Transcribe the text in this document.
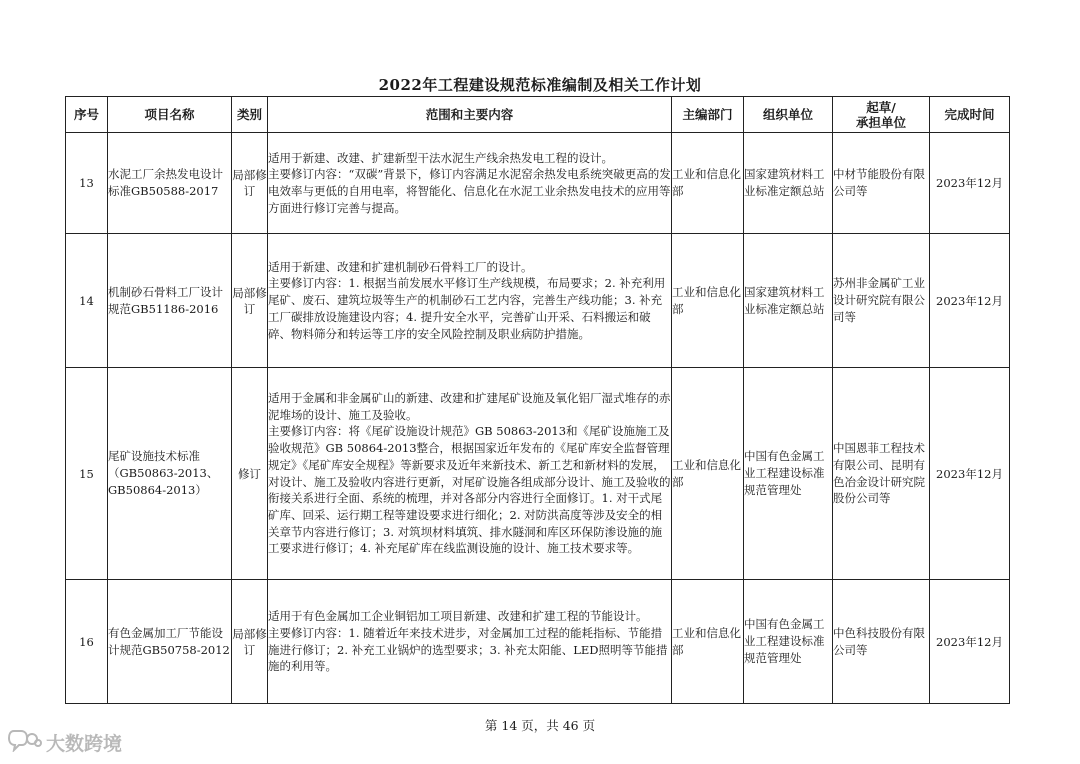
2022年工程建设规范标准编制及相关工作计划
序号	项目名称	类别	范围和主要内容	主编部门	组织单位	起草/
承担单位	完成时间
13	水泥工厂余热发电设计标准GB50588-2017	局部修订	适用于新建、改建、扩建新型干法水泥生产线余热发电工程的设计。
主要修订内容：“双碳”背景下，修订内容满足水泥窑余热发电系统突破更高的发电效率与更低的自用电率，将智能化、信息化在水泥工业余热发电技术的应用等方面进行修订完善与提高。	工业和信息化部	国家建筑材料工业标准定额总站	中材节能股份有限公司等	2023年12月
14	机制砂石骨料工厂设计规范GB51186-2016	局部修订	适用于新建、改建和扩建机制砂石骨料工厂的设计。
主要修订内容：1. 根据当前发展水平修订生产线规模，布局要求；2. 补充利用尾矿、废石、建筑垃圾等生产的机制砂石工艺内容，完善生产线功能；3. 补充工厂碳排放设施建设内容；4. 提升安全水平，完善矿山开采、石料搬运和破碎、物料筛分和转运等工序的安全风险控制及职业病防护措施。	工业和信息化部	国家建筑材料工业标准定额总站	苏州非金属矿工业设计研究院有限公司等	2023年12月
15	尾矿设施技术标准（GB50863-2013、GB50864-2013）	修订	适用于金属和非金属矿山的新建、改建和扩建尾矿设施及氧化铝厂湿式堆存的赤泥堆场的设计、施工及验收。
主要修订内容：将《尾矿设施设计规范》GB 50863-2013和《尾矿设施施工及验收规范》GB 50864-2013整合，根据国家近年发布的《尾矿库安全监督管理规定》《尾矿库安全规程》等新要求及近年来新技术、新工艺和新材料的发展，对设计、施工及验收内容进行更新，对尾矿设施各组成部分设计、施工及验收的衔接关系进行全面、系统的梳理，并对各部分内容进行全面修订。1. 对干式尾矿库、回采、运行期工程等建设要求进行细化；2. 对防洪高度等涉及安全的相关章节内容进行修订；3. 对筑坝材料填筑、排水隧洞和库区环保防渗设施的施工要求进行修订；4. 补充尾矿库在线监测设施的设计、施工技术要求等。	工业和信息化部	中国有色金属工业工程建设标准规范管理处	中国恩菲工程技术有限公司、昆明有色冶金设计研究院股份公司等	2023年12月
16	有色金属加工厂节能设计规范GB50758-2012	局部修订	适用于有色金属加工企业铜铝加工项目新建、改建和扩建工程的节能设计。
主要修订内容：1. 随着近年来技术进步，对金属加工过程的能耗指标、节能措施进行修订；2. 补充工业锅炉的选型要求；3. 补充太阳能、LED照明等节能措施的利用等。	工业和信息化部	中国有色金属工业工程建设标准规范管理处	中色科技股份有限公司等	2023年12月
第 14 页，共 46 页
大数跨境
